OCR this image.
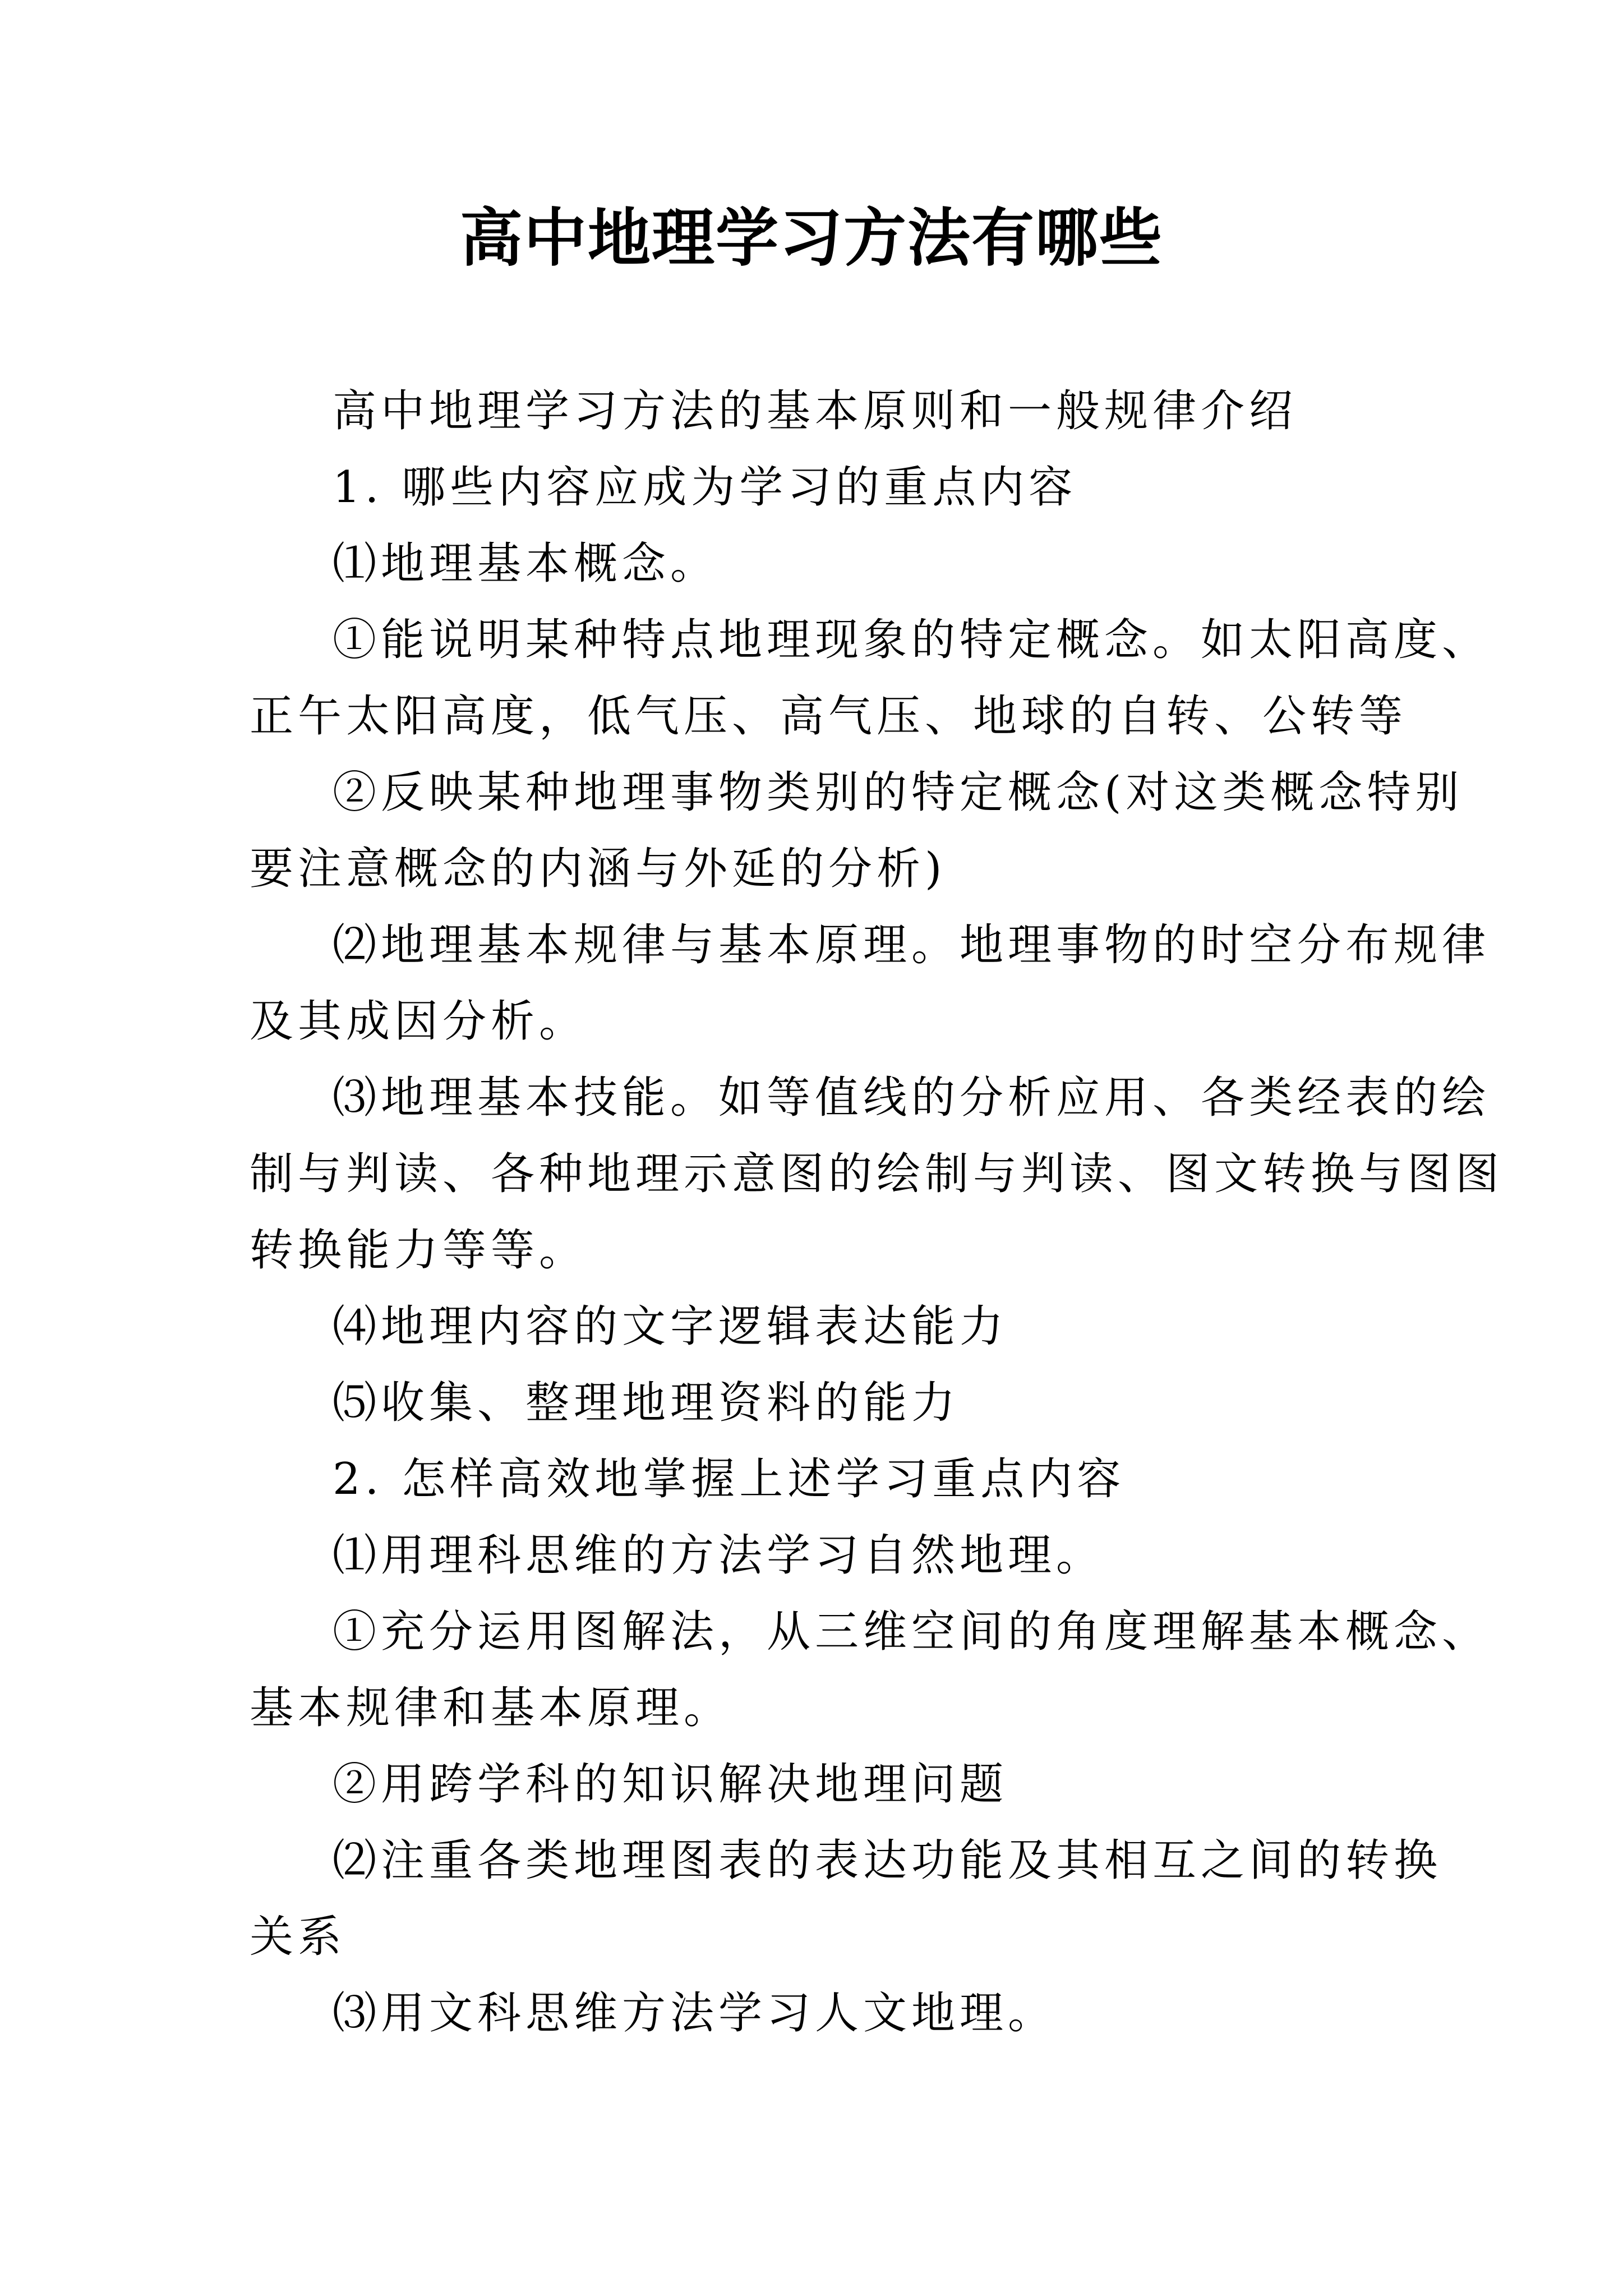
高中地理学习方法有哪些
高中地理学习方法的基本原则和一般规律介绍
1. 哪些内容应成为学习的重点内容
⑴地理基本概念。
①能说明某种特点地理现象的特定概念。如太阳高度、
正午太阳高度，低气压、高气压、地球的自转、公转等
②反映某种地理事物类别的特定概念(对这类概念特别
要注意概念的内涵与外延的分析)
⑵地理基本规律与基本原理。地理事物的时空分布规律
及其成因分析。
⑶地理基本技能。如等值线的分析应用、各类经表的绘
制与判读、各种地理示意图的绘制与判读、图文转换与图图
转换能力等等。
⑷地理内容的文字逻辑表达能力
⑸收集、整理地理资料的能力
2. 怎样高效地掌握上述学习重点内容
⑴用理科思维的方法学习自然地理。
①充分运用图解法，从三维空间的角度理解基本概念、
基本规律和基本原理。
②用跨学科的知识解决地理问题
⑵注重各类地理图表的表达功能及其相互之间的转换
关系
⑶用文科思维方法学习人文地理。
